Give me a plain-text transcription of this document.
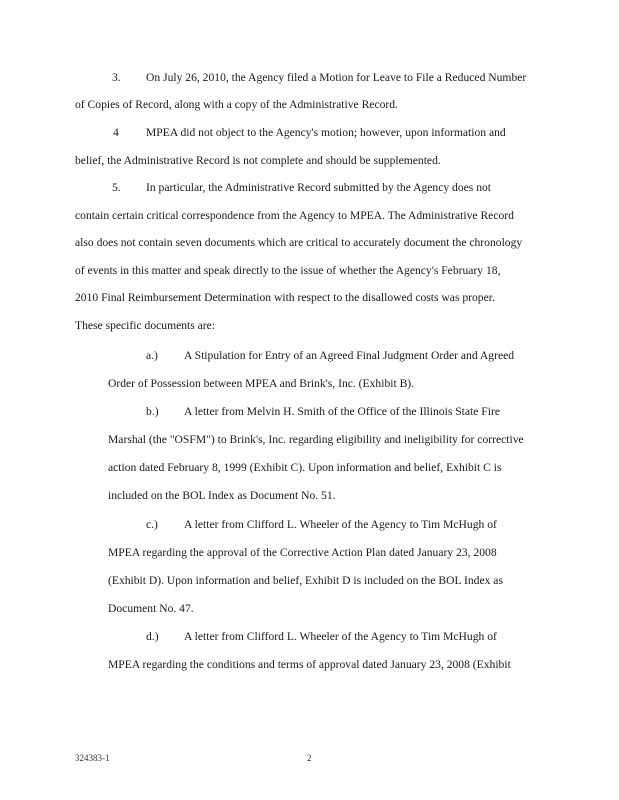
3. On July 26, 2010, the Agency filed a Motion for Leave to File a Reduced Number
of Copies of Record, along with a copy of the Administrative Record.
4 MPEA did not object to the Agency's motion; however, upon information and
belief, the Administrative Record is not complete and should be supplemented.
5. In particular, the Administrative Record submitted by the Agency does not
contain certain critical correspondence from the Agency to MPEA. The Administrative Record
also does not contain seven documents which are critical to accurately document the chronology
of events in this matter and speak directly to the issue of whether the Agency's February 18,
2010 Final Reimbursement Determination with respect to the disallowed costs was proper.
These specific documents are:
a.) A Stipulation for Entry of an Agreed Final Judgment Order and Agreed
Order of Possession between MPEA and Brink's, Inc. (Exhibit B).
b.) A letter from Melvin H. Smith of the Office of the Illinois State Fire
Marshal (the "OSFM") to Brink's, Inc. regarding eligibility and ineligibility for corrective
action dated February 8, 1999 (Exhibit C). Upon information and belief, Exhibit C is
included on the BOL Index as Document No. 51.
c.) A letter from Clifford L. Wheeler of the Agency to Tim McHugh of
MPEA regarding the approval of the Corrective Action Plan dated January 23, 2008
(Exhibit D). Upon information and belief, Exhibit D is included on the BOL Index as
Document No. 47.
d.) A letter from Clifford L. Wheeler of the Agency to Tim McHugh of
MPEA regarding the conditions and terms of approval dated January 23, 2008 (Exhibit
324383-1	2
